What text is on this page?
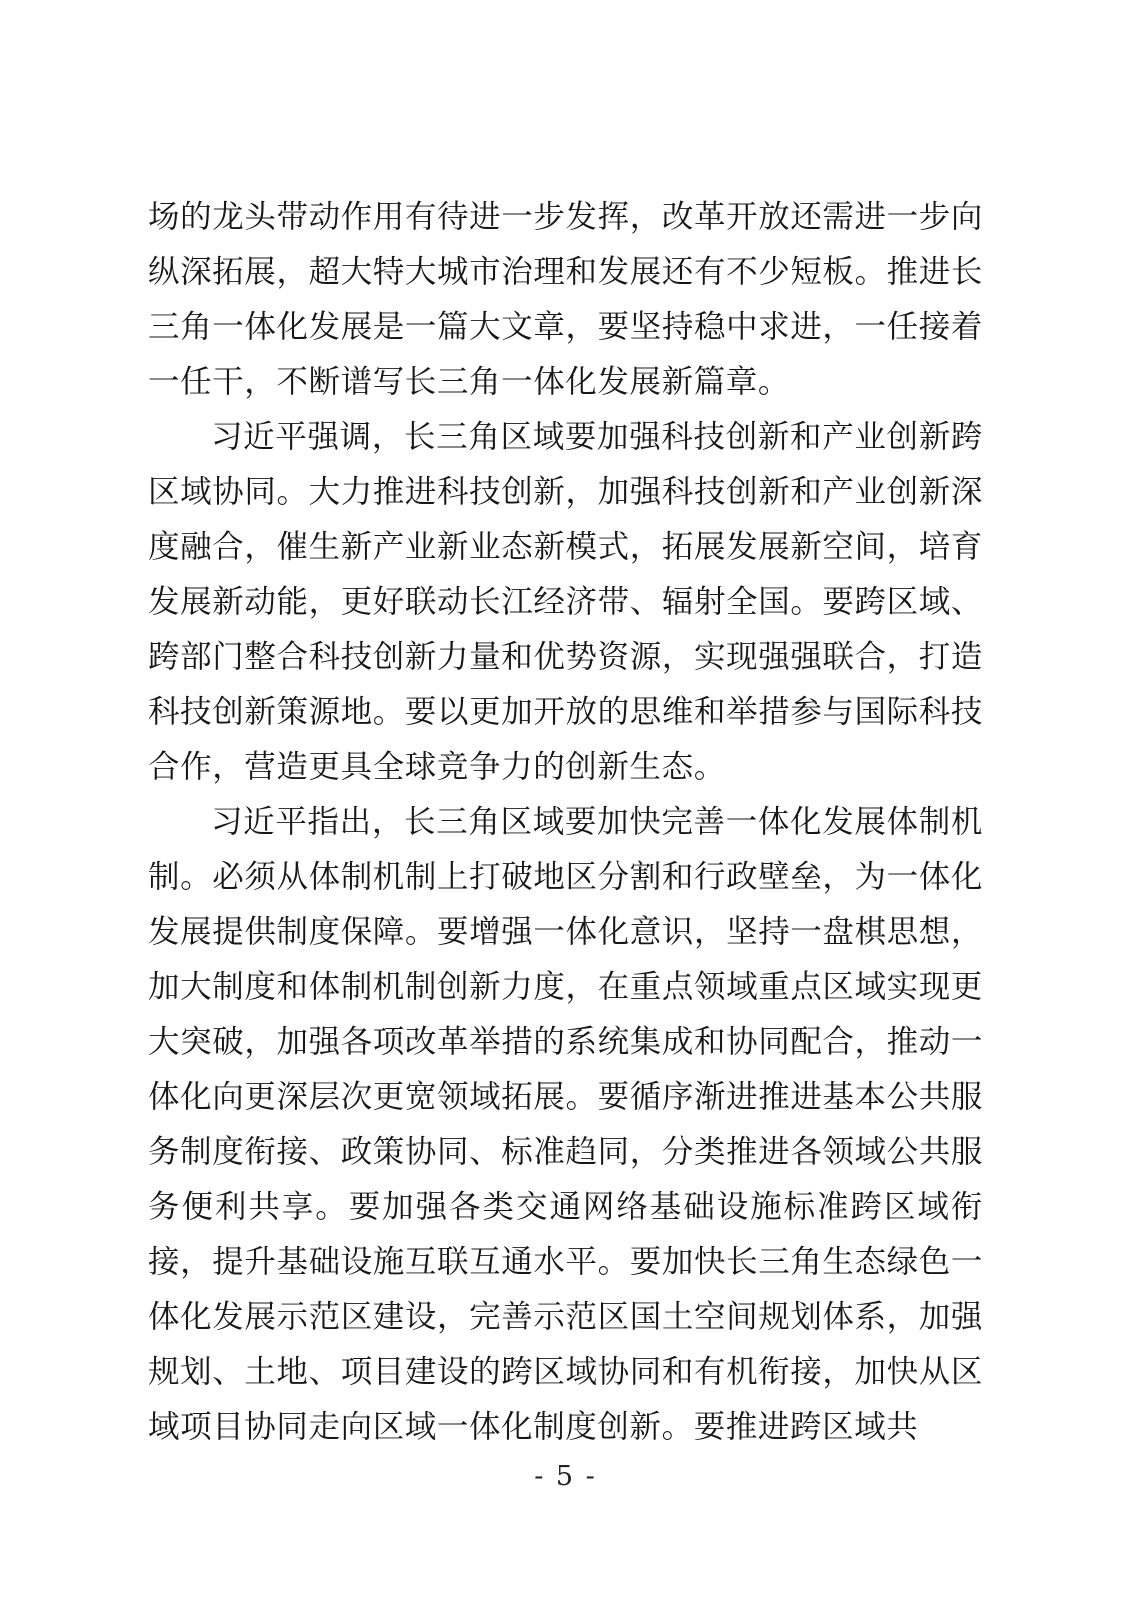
场的龙头带动作用有待进一步发挥，改革开放还需进一步向纵深拓展，超大特大城市治理和发展还有不少短板。推进长三角一体化发展是一篇大文章，要坚持稳中求进，一任接着一任干，不断谱写长三角一体化发展新篇章。

习近平强调，长三角区域要加强科技创新和产业创新跨区域协同。大力推进科技创新，加强科技创新和产业创新深度融合，催生新产业新业态新模式，拓展发展新空间，培育发展新动能，更好联动长江经济带、辐射全国。要跨区域、跨部门整合科技创新力量和优势资源，实现强强联合，打造科技创新策源地。要以更加开放的思维和举措参与国际科技合作，营造更具全球竞争力的创新生态。

习近平指出，长三角区域要加快完善一体化发展体制机制。必须从体制机制上打破地区分割和行政壁垒，为一体化发展提供制度保障。要增强一体化意识，坚持一盘棋思想，加大制度和体制机制创新力度，在重点领域重点区域实现更大突破，加强各项改革举措的系统集成和协同配合，推动一体化向更深层次更宽领域拓展。要循序渐进推进基本公共服务制度衔接、政策协同、标准趋同，分类推进各领域公共服务便利共享。要加强各类交通网络基础设施标准跨区域衔接，提升基础设施互联互通水平。要加快长三角生态绿色一体化发展示范区建设，完善示范区国土空间规划体系，加强规划、土地、项目建设的跨区域协同和有机衔接，加快从区域项目协同走向区域一体化制度创新。要推进跨区域共

- 5 -
